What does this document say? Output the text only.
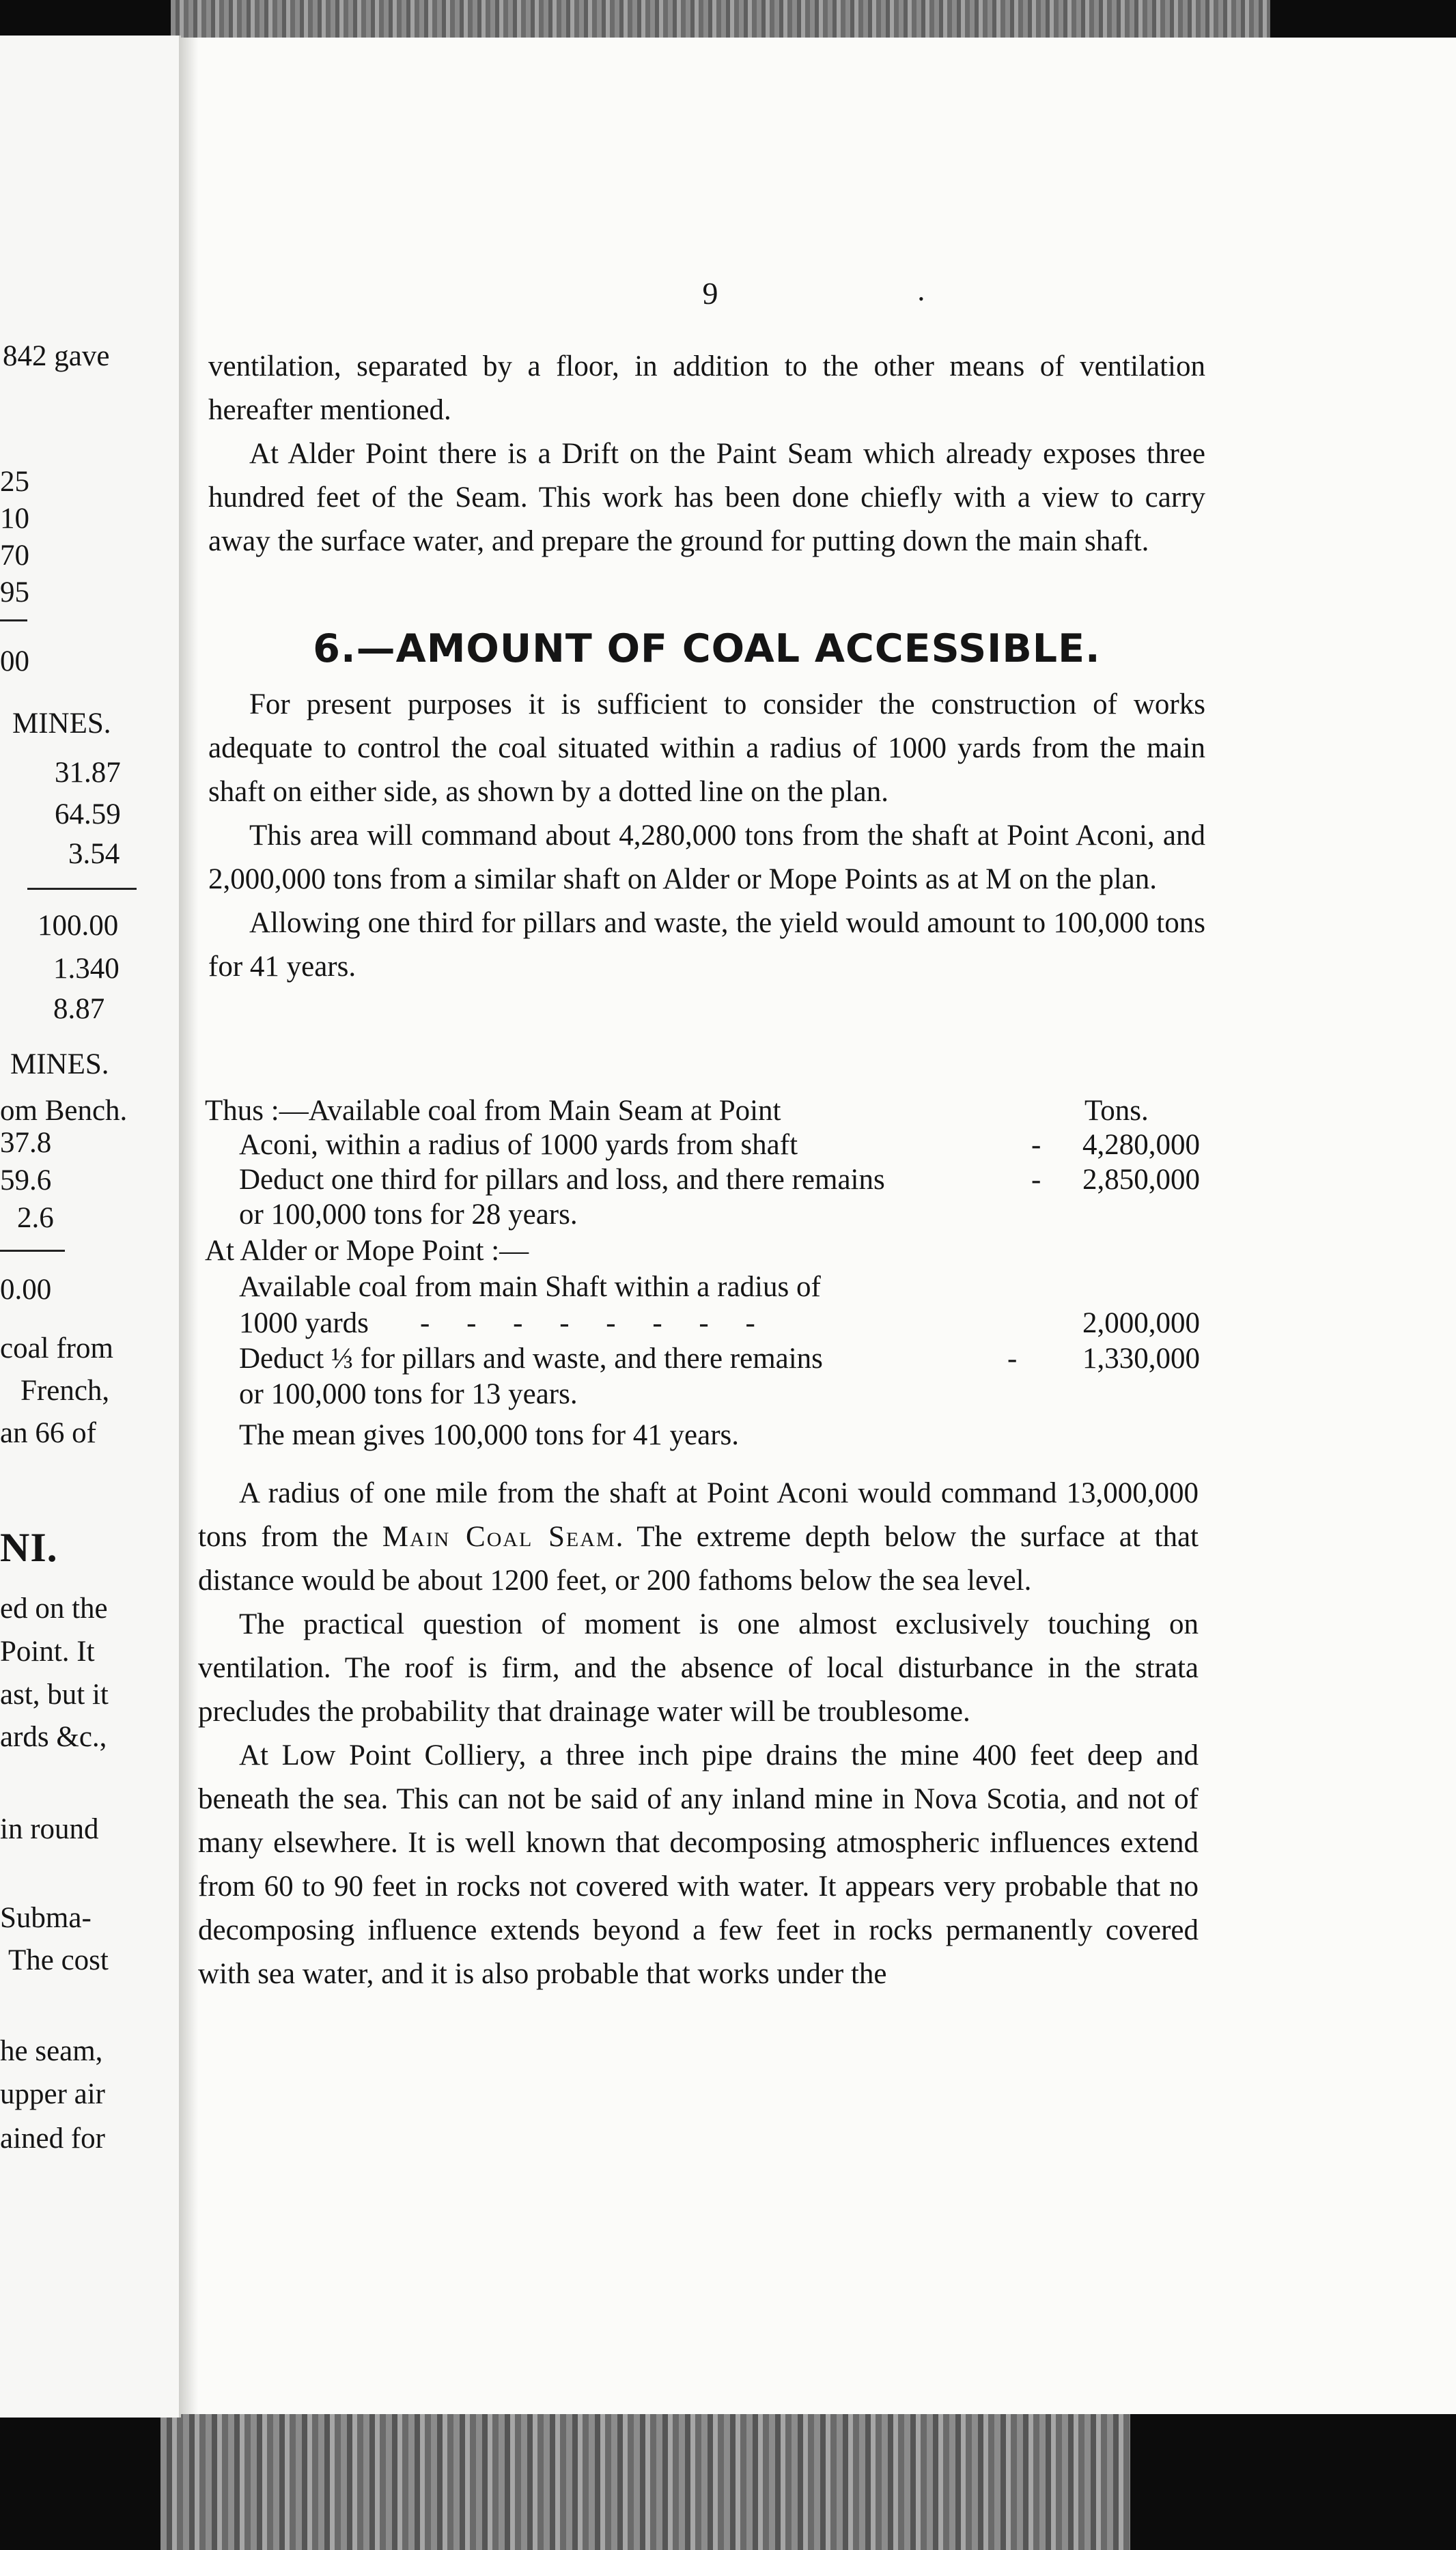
842 gave
25
10
70
95
00
MINES.
31.87
64.59
3.54
100.00
1.340
8.87
MINES.
om Bench.
37.8
59.6
2.6
0.00
coal from
French,
an 66 of
NI.
ed on the
Point. It
ast, but it
ards &c.,
in round
Subma-
The cost
he seam,
upper air
ained for
9	•

ventilation, separated by a floor, in addition to the other means of ventilation hereafter mentioned.

At Alder Point there is a Drift on the Paint Seam which already exposes three hundred feet of the Seam. This work has been done chiefly with a view to carry away the surface water, and prepare the ground for putting down the main shaft.

6.—AMOUNT OF COAL ACCESSIBLE.

For present purposes it is sufficient to consider the construction of works adequate to control the coal situated within a radius of 1000 yards from the main shaft on either side, as shown by a dotted line on the plan.

This area will command about 4,280,000 tons from the shaft at Point Aconi, and 2,000,000 tons from a similar shaft on Alder or Mope Points as at M on the plan.

Allowing one third for pillars and waste, the yield would amount to 100,000 tons for 41 years.

Thus :—Available coal from Main Seam at Point	Tons.
Aconi, within a radius of 1000 yards from shaft	-	4,280,000
Deduct one third for pillars and loss, and there remains	-	2,850,000
or 100,000 tons for 28 years.
At Alder or Mope Point :—
Available coal from main Shaft within a radius of
1000 yards -     -     -     -     -     -     -     -	2,000,000
Deduct ⅓ for pillars and waste, and there remains	-	1,330,000
or 100,000 tons for 13 years.
The mean gives 100,000 tons for 41 years.

A radius of one mile from the shaft at Point Aconi would command 13,000,000 tons from the Main Coal Seam. The extreme depth below the surface at that distance would be about 1200 feet, or 200 fathoms below the sea level.

The practical question of moment is one almost exclusively touching on ventilation. The roof is firm, and the absence of local disturbance in the strata precludes the probability that drainage water will be troublesome.

At Low Point Colliery, a three inch pipe drains the mine 400 feet deep and beneath the sea. This can not be said of any inland mine in Nova Scotia, and not of many elsewhere. It is well known that decomposing atmospheric influences extend from 60 to 90 feet in rocks not covered with water. It appears very probable that no decomposing influence extends beyond a few feet in rocks permanently covered with sea water, and it is also probable that works under the
